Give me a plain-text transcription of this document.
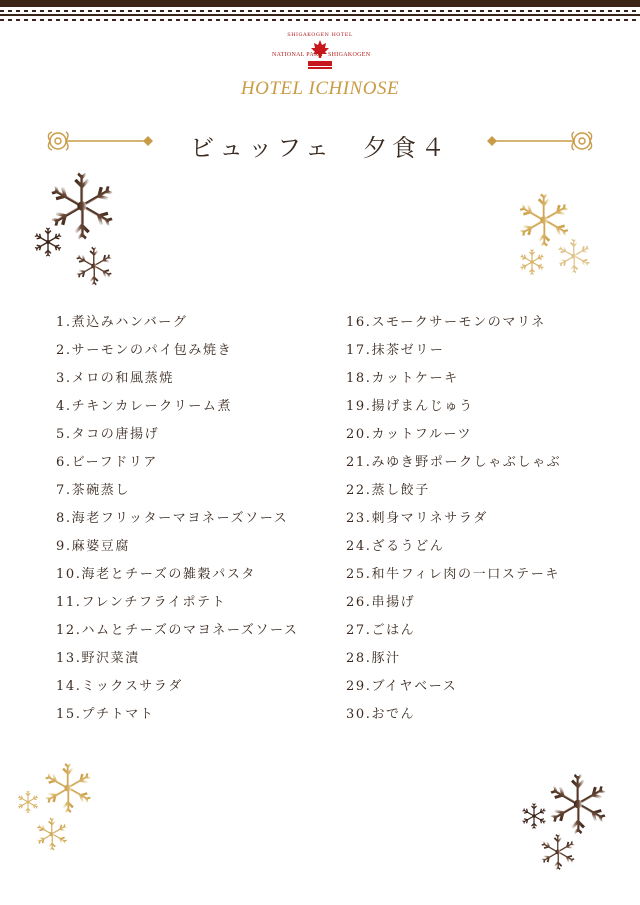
SHIGAKOGEN HOTEL
NATIONAL PARK SHIGAKOGEN
HOTEL ICHINOSE
ビュッフェ　夕食４
1.煮込みハンバーグ
2.サーモンのパイ包み焼き
3.メロの和風蒸焼
4.チキンカレークリーム煮
5.タコの唐揚げ
6.ビーフドリア
7.茶碗蒸し
8.海老フリッターマヨネーズソース
9.麻婆豆腐
10.海老とチーズの雑穀パスタ
11.フレンチフライポテト
12.ハムとチーズのマヨネーズソース
13.野沢菜漬
14.ミックスサラダ
15.プチトマト
16.スモークサーモンのマリネ
17.抹茶ゼリー
18.カットケーキ
19.揚げまんじゅう
20.カットフルーツ
21.みゆき野ポークしゃぶしゃぶ
22.蒸し餃子
23.刺身マリネサラダ
24.ざるうどん
25.和牛フィレ肉の一口ステーキ
26.串揚げ
27.ごはん
28.豚汁
29.ブイヤベース
30.おでん
